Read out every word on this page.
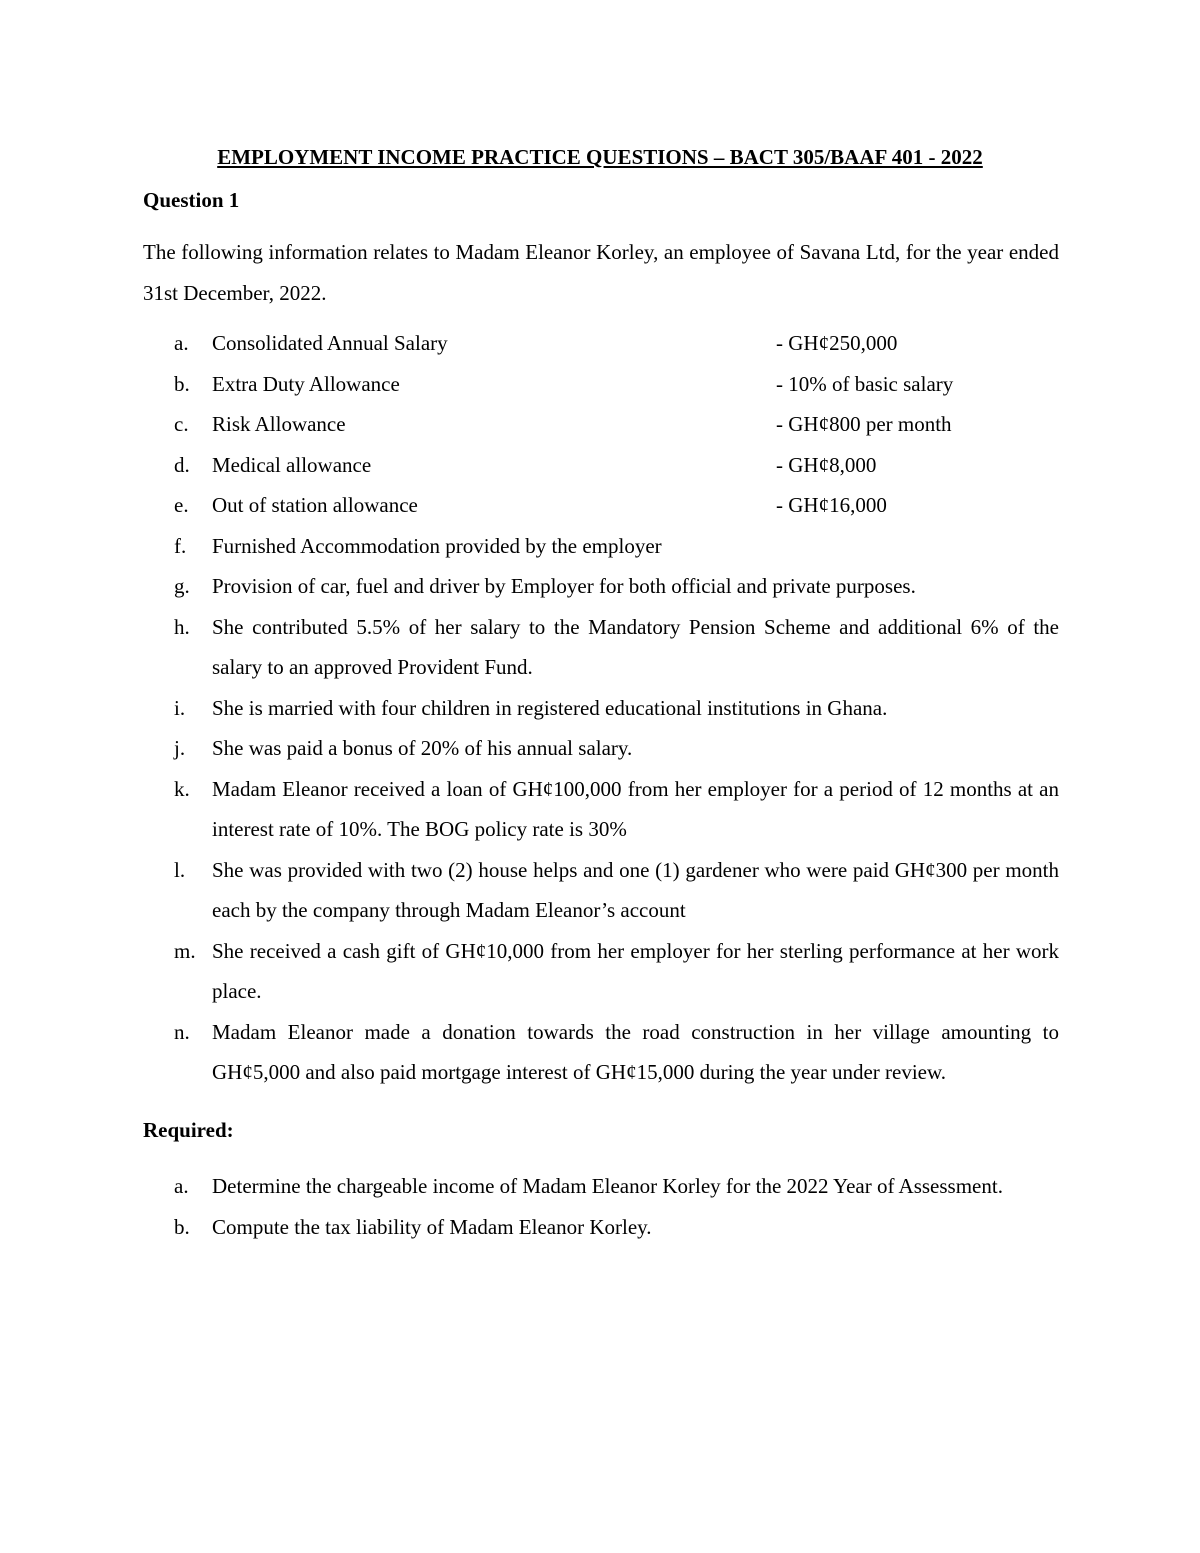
EMPLOYMENT INCOME PRACTICE QUESTIONS – BACT 305/BAAF 401 - 2022
Question 1

The following information relates to Madam Eleanor Korley, an employee of Savana Ltd, for the year ended 31st December, 2022.

a. Consolidated Annual Salary	- GH¢250,000
b. Extra Duty Allowance	- 10% of basic salary
c. Risk Allowance	- GH¢800 per month
d. Medical allowance	- GH¢8,000
e. Out of station allowance	- GH¢16,000
f. Furnished Accommodation provided by the employer
g. Provision of car, fuel and driver by Employer for both official and private purposes.
h. She contributed 5.5% of her salary to the Mandatory Pension Scheme and additional 6% of the salary to an approved Provident Fund.
i. She is married with four children in registered educational institutions in Ghana.
j. She was paid a bonus of 20% of his annual salary.
k. Madam Eleanor received a loan of GH¢100,000 from her employer for a period of 12 months at an interest rate of 10%. The BOG policy rate is 30%
l. She was provided with two (2) house helps and one (1) gardener who were paid GH¢300 per month each by the company through Madam Eleanor’s account
m. She received a cash gift of GH¢10,000 from her employer for her sterling performance at her work place.
n. Madam Eleanor made a donation towards the road construction in her village amounting to GH¢5,000 and also paid mortgage interest of GH¢15,000 during the year under review.
Required:
a. Determine the chargeable income of Madam Eleanor Korley for the 2022 Year of Assessment.
b. Compute the tax liability of Madam Eleanor Korley.
